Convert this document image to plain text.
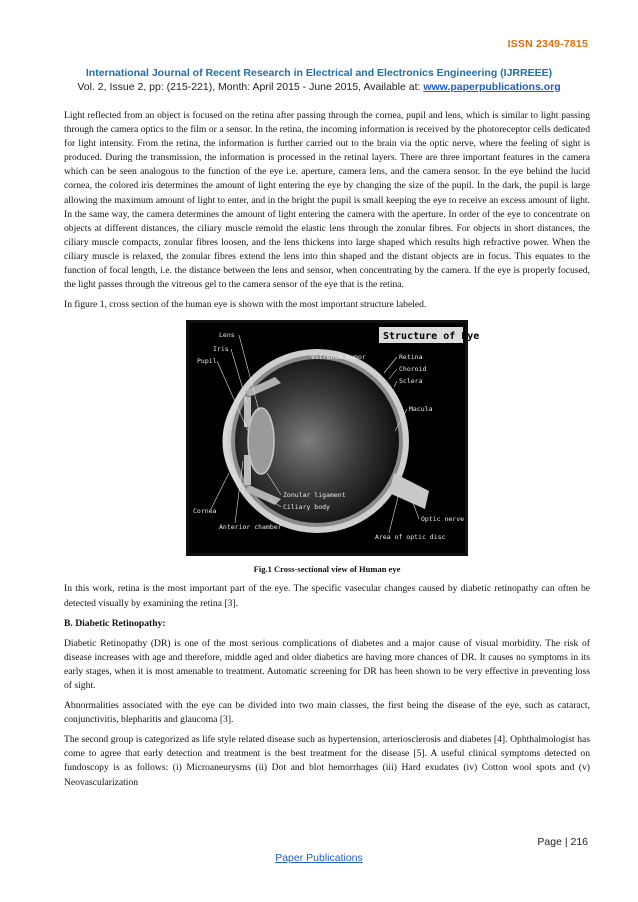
ISSN 2349-7815
International Journal of Recent Research in Electrical and Electronics Engineering (IJRREEE)
Vol. 2, Issue 2, pp: (215-221), Month: April 2015 - June 2015, Available at: www.paperpublications.org

Light reflected from an object is focused on the retina after passing through the cornea, pupil and lens, which is similar to light passing through the camera optics to the film or a sensor. In the retina, the incoming information is received by the photoreceptor cells dedicated for light intensity. From the retina, the information is further carried out to the brain via the optic nerve, where the feeling of sight is produced. During the transmission, the information is processed in the retinal layers. There are three important features in the camera which can be seen analogous to the function of the eye i.e. aperture, camera lens, and the camera sensor. In the eye behind the lucid cornea, the colored iris determines the amount of light entering the eye by changing the size of the pupil. In the dark, the pupil is large allowing the maximum amount of light to enter, and in the bright the pupil is small keeping the eye to receive an excess amount of light. In the same way, the camera determines the amount of light entering the camera with the aperture. In order of the eye to concentrate on objects at different distances, the ciliary muscle remold the elastic lens through the zonular fibres. For objects in short distances, the ciliary muscle compacts, zonular fibres loosen, and the lens thickens into large shaped which results high refractive power. When the ciliary muscle is relaxed, the zonular fibres extend the lens into thin shaped and the distant objects are in focus. This equates to the function of focal length, i.e. the distance between the lens and sensor, when concentrating by the camera. If the eye is properly focused, the light passes through the vitreous gel to the camera sensor of the eye that is the retina.

In figure 1, cross section of the human eye is shown with the most important structure labeled.

Structure of Eye
Lens
Iris
Pupil	Vitreous humor	Retina
Choroid
Sclera
Macula
Zonular ligament
Ciliary body
Cornea
Anterior chamber
Optic nerve
Area of optic disc
Fig.1 Cross-sectional view of Human eye

In this work, retina is the most important part of the eye. The specific vasecular changes caused by diabetic retinopathy can often be detected visually by examining the retina [3].

B. Diabetic Retinopathy:

Diabetic Retinopathy (DR) is one of the most serious complications of diabetes and a major cause of visual morbidity. The risk of disease increases with age and therefore, middle aged and older diabetics are having more chances of DR. It causes no symptoms in its early stages, when it is most amenable to treatment. Automatic screening for DR has been shown to be very effective in preventing loss of sight.

Abnormalities associated with the eye can be divided into two main classes, the first being the disease of the eye, such as cataract, conjunctivitis, blepharitis and glaucoma [3].

The second group is categorized as life style related disease such as hypertension, arteriosclerosis and diabetes [4]. Ophthalmologist has come to agree that early detection and treatment is the best treatment for the disease [5]. A useful clinical symptoms detected on fundoscopy is as follows: (i) Microaneurysms (ii) Dot and blot hemorrhages (iii) Hard exudates (iv) Cotton wool spots and (v) Neovascularization

Page | 216
Paper Publications
